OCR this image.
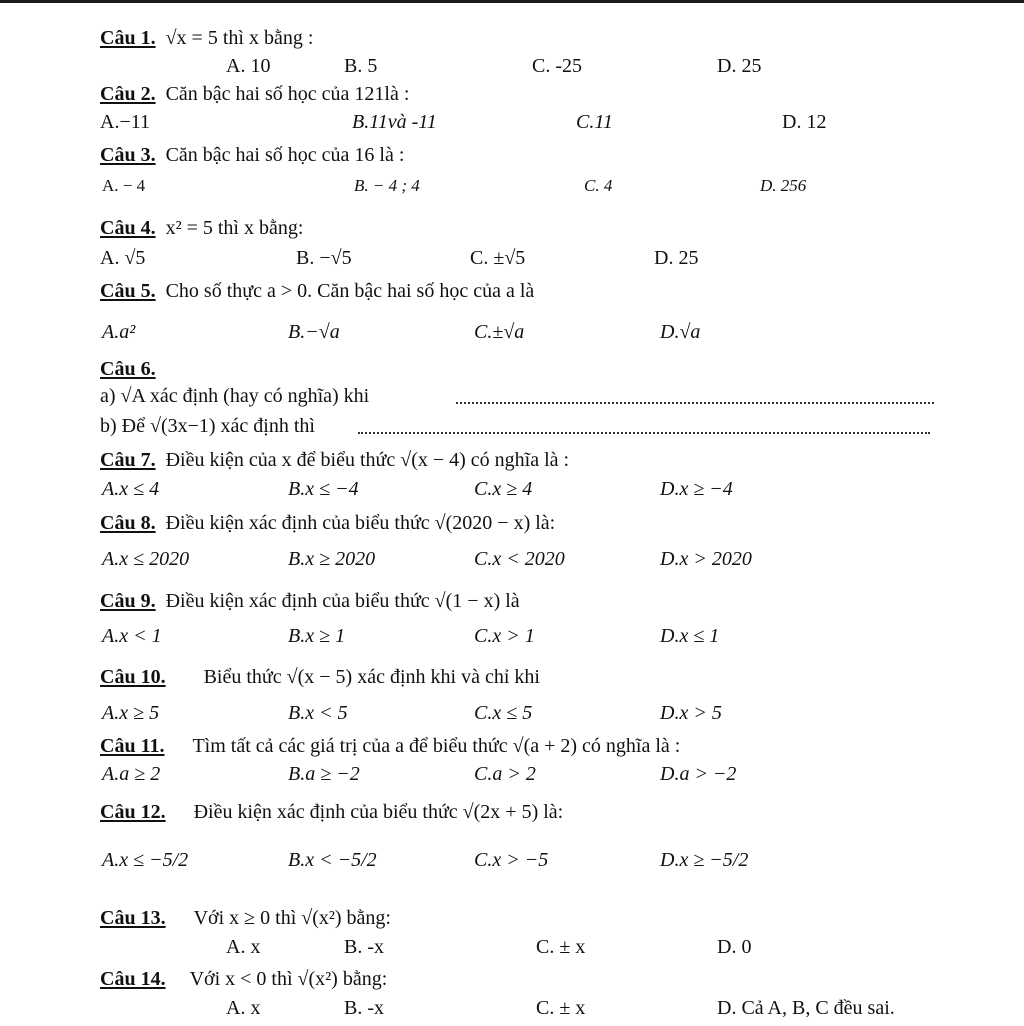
Câu 1. √x = 5 thì x bằng :
A. 10	B. 5	C. -25	D. 25
Câu 2. Căn bậc hai số học của 121là :
A.−11	B.11và -11	C.11	D. 12
Câu 3. Căn bậc hai số học của 16 là :
A. − 4	B. − 4 ; 4	C. 4	D. 256
Câu 4. x² = 5 thì x bằng:
A. √5	B. −√5	C. ±√5	D. 25
Câu 5. Cho số thực a > 0. Căn bậc hai số học của a là
A.a²	B.−√a	C.±√a	D.√a
Câu 6.
a) √A xác định (hay có nghĩa) khi
b) Để √(3x−1) xác định thì
Câu 7. Điều kiện của x để biểu thức √(x − 4) có nghĩa là :
A.x ≤ 4	B.x ≤ −4	C.x ≥ 4	D.x ≥ −4
Câu 8. Điều kiện xác định của biểu thức √(2020 − x) là:
A.x ≤ 2020	B.x ≥ 2020	C.x < 2020	D.x > 2020
Câu 9. Điều kiện xác định của biểu thức √(1 − x) là
A.x < 1	B.x ≥ 1	C.x > 1	D.x ≤ 1
Câu 10. Biểu thức √(x − 5) xác định khi và chỉ khi
A.x ≥ 5	B.x < 5	C.x ≤ 5	D.x > 5
Câu 11. Tìm tất cả các giá trị của a để biểu thức √(a + 2) có nghĩa là :
A.a ≥ 2	B.a ≥ −2	C.a > 2	D.a > −2
Câu 12. Điều kiện xác định của biểu thức √(2x + 5) là:
A.x ≤ −5/2	B.x < −5/2	C.x > −5	D.x ≥ −5/2
Câu 13. Với x ≥ 0 thì √(x²) bằng:
A. x	B. -x	C. ± x	D. 0
Câu 14. Với x < 0 thì √(x²) bằng:
A. x	B. -x	C. ± x	D. Cả A, B, C đều sai.
